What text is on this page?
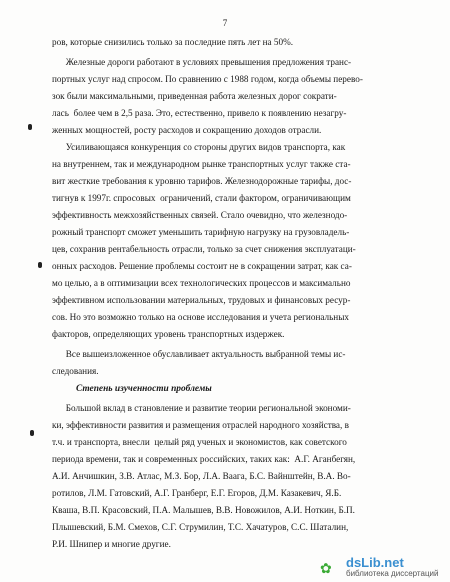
7
ров, которые снизились только за последние пять лет на 50%.
Железные дороги работают в условиях превышения предложения транс-
портных услуг над спросом. По сравнению с 1988 годом, когда объемы перево-
зок были максимальными, приведенная работа железных дорог сократи-
лась  более чем в 2,5 раза. Это, естественно, привело к появлению незагру-
женных мощностей, росту расходов и сокращению доходов отрасли.
Усиливающаяся конкуренция со стороны других видов транспорта, как
на внутреннем, так и международном рынке транспортных услуг также ста-
вит жесткие требования к уровню тарифов. Железнодорожные тарифы, дос-
тигнув к 1997г. спросовых  ограничений, стали фактором, ограничивающим
эффективность межхозяйственных связей. Стало очевидно, что железнодо-
рожный транспорт сможет уменьшить тарифную нагрузку на грузовладель-
цев, сохранив рентабельность отрасли, только за счет снижения эксплуатаци-
онных расходов. Решение проблемы состоит не в сокращении затрат, как са-
мо целью, а в оптимизации всех технологических процессов и максимально
эффективном использовании материальных, трудовых и финансовых ресур-
сов. Но это возможно только на основе исследования и учета региональных
факторов, определяющих уровень транспортных издержек.
Все вышеизложенное обуславливает актуальность выбранной темы ис-
следования.
Степень изученности проблемы
Большой вклад в становление и развитие теории региональной экономи-
ки, эффективности развития и размещения отраслей народного хозяйства, в
т.ч. и транспорта, внесли  целый ряд ученых и экономистов, как советского
периода времени, так и современных российских, таких как:  А.Г. Аганбегян,
А.И. Анчишкин, З.В. Атлас, М.З. Бор, Л.А. Ваага, Б.С. Вайнштейн, В.А. Во-
ротилов, Л.М. Гатовский, А.Г. Гранберг, Е.Г. Егоров, Д.М. Казакевич, Я.Б.
Кваша, В.П. Красовский, П.А. Малышев, В.В. Новожилов, А.И. Ноткин, Б.П.
Плышевский, Б.М. Смехов, С.Г. Струмилин, Т.С. Хачатуров, С.С. Шаталин,
Р.И. Шнипер и многие другие.
✿	dsLib.net
библиотека диссертаций
